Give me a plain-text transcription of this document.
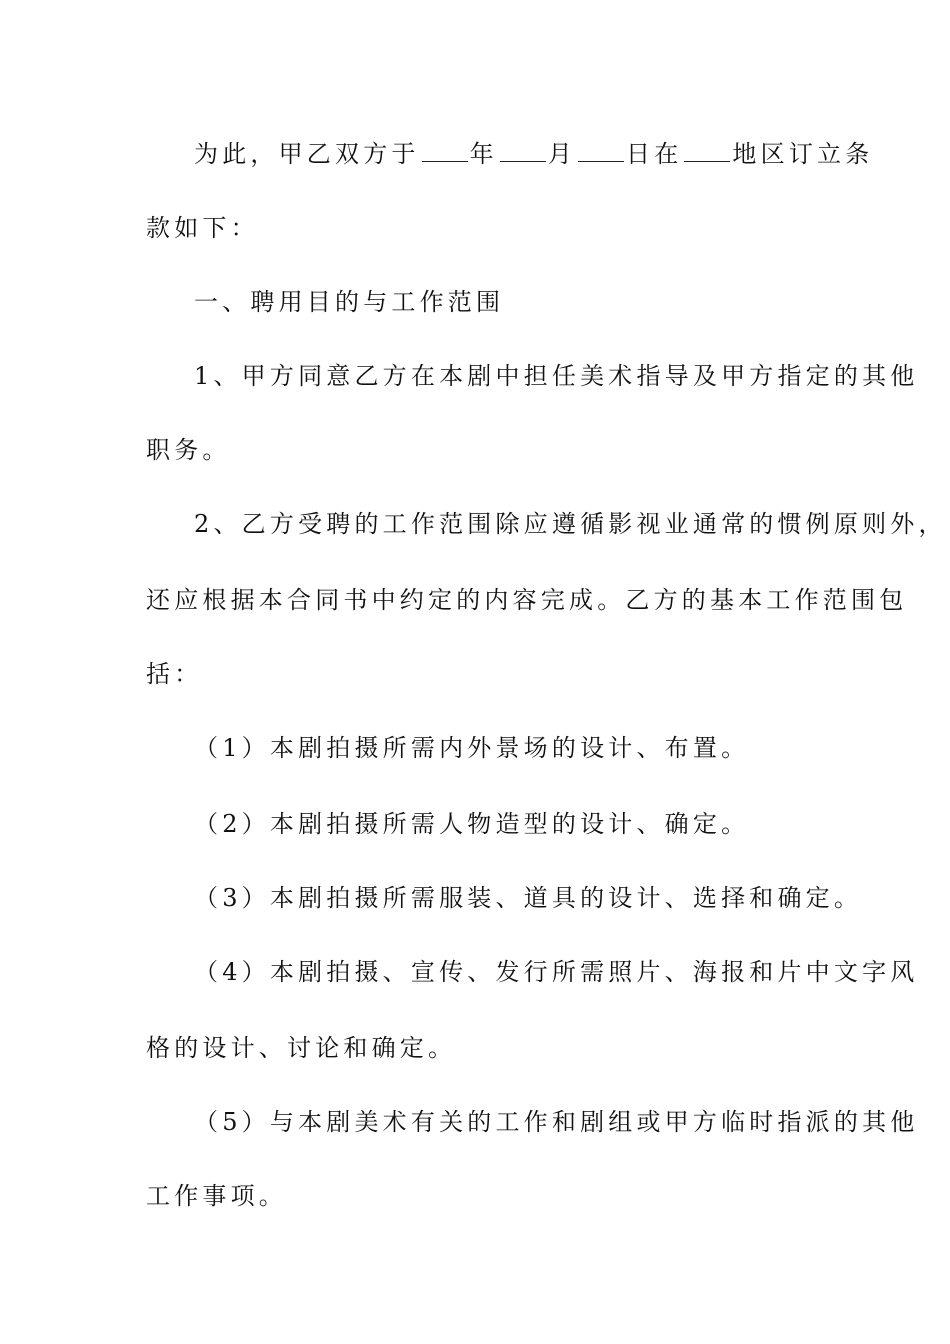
为此，甲乙双方于 年 月 日在 地区订立条
款如下：
一、聘用目的与工作范围
1、甲方同意乙方在本剧中担任美术指导及甲方指定的其他
职务。
2、乙方受聘的工作范围除应遵循影视业通常的惯例原则外，
还应根据本合同书中约定的内容完成。乙方的基本工作范围包
括：
（1）本剧拍摄所需内外景场的设计、布置。
（2）本剧拍摄所需人物造型的设计、确定。
（3）本剧拍摄所需服装、道具的设计、选择和确定。
（4）本剧拍摄、宣传、发行所需照片、海报和片中文字风
格的设计、讨论和确定。
（5）与本剧美术有关的工作和剧组或甲方临时指派的其他
工作事项。
